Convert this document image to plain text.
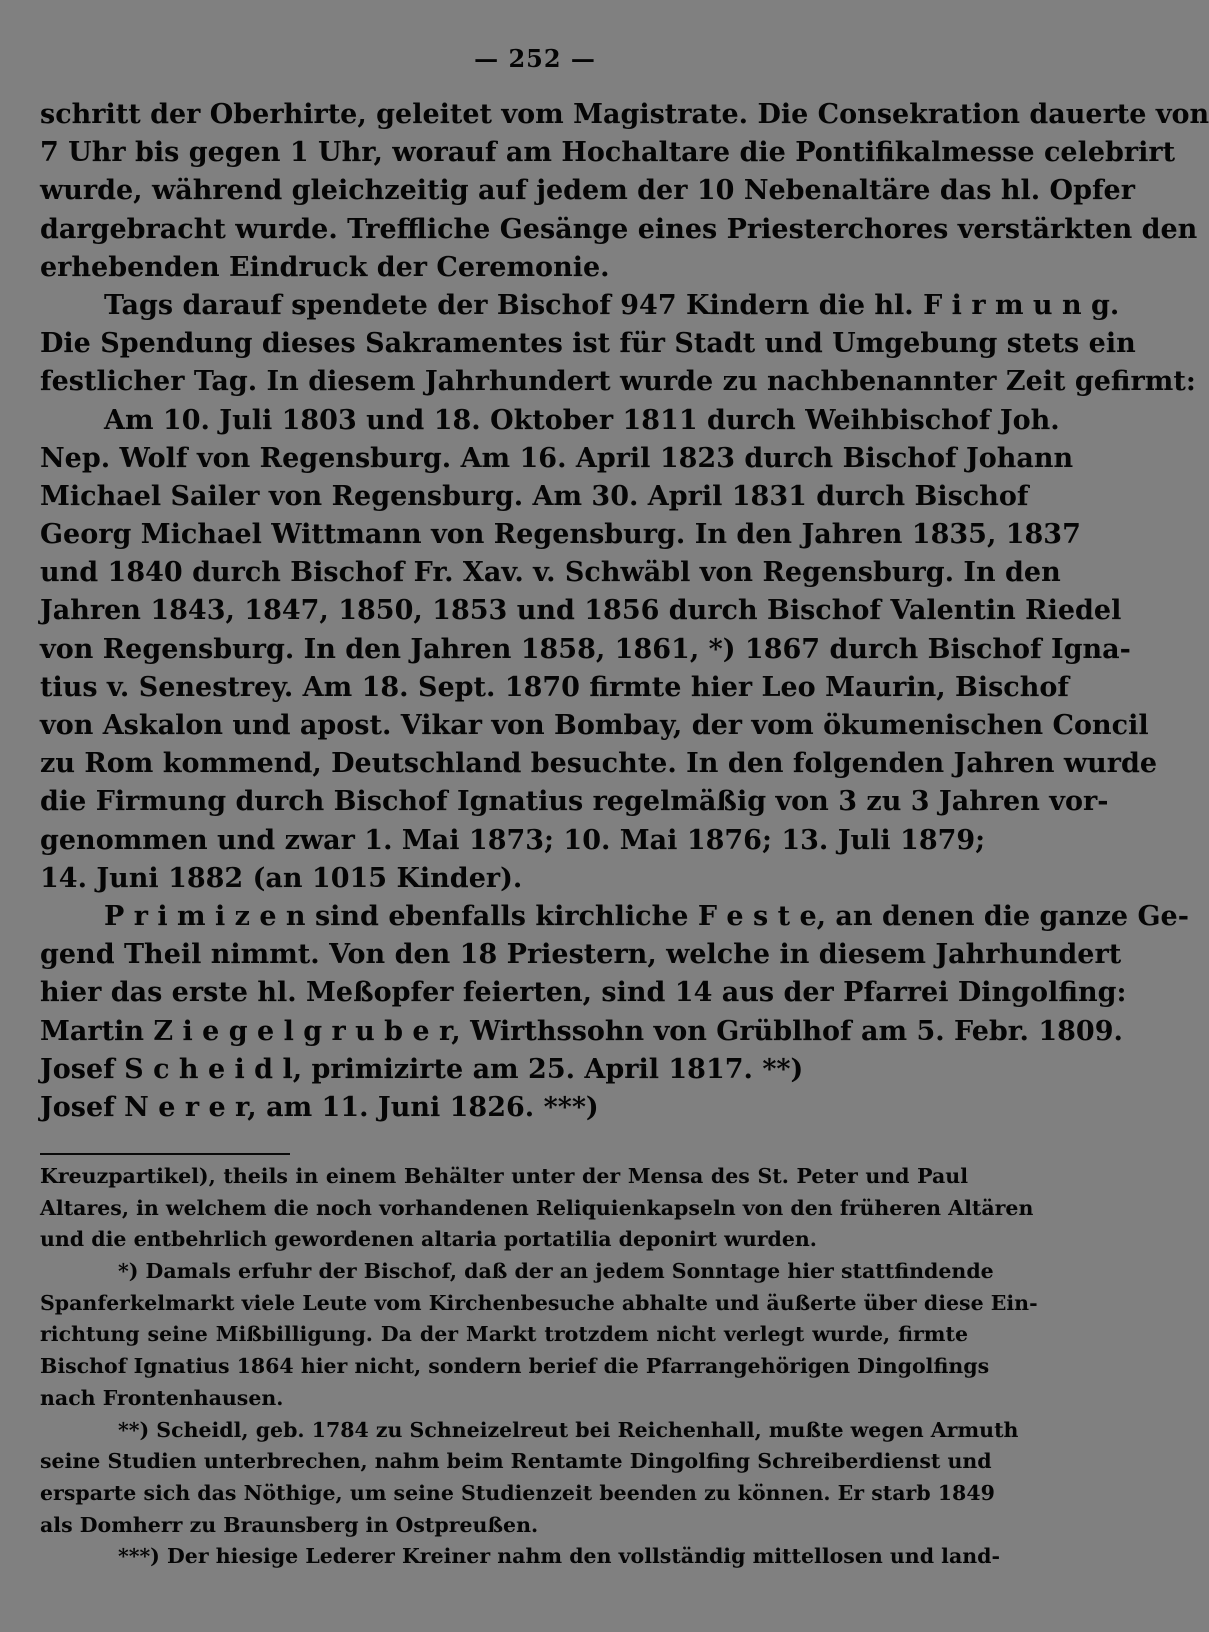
— 252 —
schritt der Oberhirte, geleitet vom Magistrate. Die Consekration dauerte von
7 Uhr bis gegen 1 Uhr, worauf am Hochaltare die Pontifikalmesse celebrirt
wurde, während gleichzeitig auf jedem der 10 Nebenaltäre das hl. Opfer
dargebracht wurde. Treffliche Gesänge eines Priesterchores verstärkten den
erhebenden Eindruck der Ceremonie.
Tags darauf spendete der Bischof 947 Kindern die hl. F i r m u n g.
Die Spendung dieses Sakramentes ist für Stadt und Umgebung stets ein
festlicher Tag. In diesem Jahrhundert wurde zu nachbenannter Zeit gefirmt:
Am 10. Juli 1803 und 18. Oktober 1811 durch Weihbischof Joh.
Nep. Wolf von Regensburg. Am 16. April 1823 durch Bischof Johann
Michael Sailer von Regensburg. Am 30. April 1831 durch Bischof
Georg Michael Wittmann von Regensburg. In den Jahren 1835, 1837
und 1840 durch Bischof Fr. Xav. v. Schwäbl von Regensburg. In den
Jahren 1843, 1847, 1850, 1853 und 1856 durch Bischof Valentin Riedel
von Regensburg. In den Jahren 1858, 1861, *) 1867 durch Bischof Igna-
tius v. Senestrey. Am 18. Sept. 1870 firmte hier Leo Maurin, Bischof
von Askalon und apost. Vikar von Bombay, der vom ökumenischen Concil
zu Rom kommend, Deutschland besuchte. In den folgenden Jahren wurde
die Firmung durch Bischof Ignatius regelmäßig von 3 zu 3 Jahren vor-
genommen und zwar 1. Mai 1873; 10. Mai 1876; 13. Juli 1879;
14. Juni 1882 (an 1015 Kinder).
P r i m i z e n sind ebenfalls kirchliche F e s t e, an denen die ganze Ge-
gend Theil nimmt. Von den 18 Priestern, welche in diesem Jahrhundert
hier das erste hl. Meßopfer feierten, sind 14 aus der Pfarrei Dingolfing:
Martin Z i e g e l g r u b e r, Wirthssohn von Grüblhof am 5. Febr. 1809.
Josef S c h e i d l, primizirte am 25. April 1817. **)
Josef N e r e r, am 11. Juni 1826. ***)
Kreuzpartikel), theils in einem Behälter unter der Mensa des St. Peter und Paul
Altares, in welchem die noch vorhandenen Reliquienkapseln von den früheren Altären
und die entbehrlich gewordenen altaria portatilia deponirt wurden.
*) Damals erfuhr der Bischof, daß der an jedem Sonntage hier stattfindende
Spanferkelmarkt viele Leute vom Kirchenbesuche abhalte und äußerte über diese Ein-
richtung seine Mißbilligung. Da der Markt trotzdem nicht verlegt wurde, firmte
Bischof Ignatius 1864 hier nicht, sondern berief die Pfarrangehörigen Dingolfings
nach Frontenhausen.
**) Scheidl, geb. 1784 zu Schneizelreut bei Reichenhall, mußte wegen Armuth
seine Studien unterbrechen, nahm beim Rentamte Dingolfing Schreiberdienst und
ersparte sich das Nöthige, um seine Studienzeit beenden zu können. Er starb 1849
als Domherr zu Braunsberg in Ostpreußen.
***) Der hiesige Lederer Kreiner nahm den vollständig mittellosen und land-
